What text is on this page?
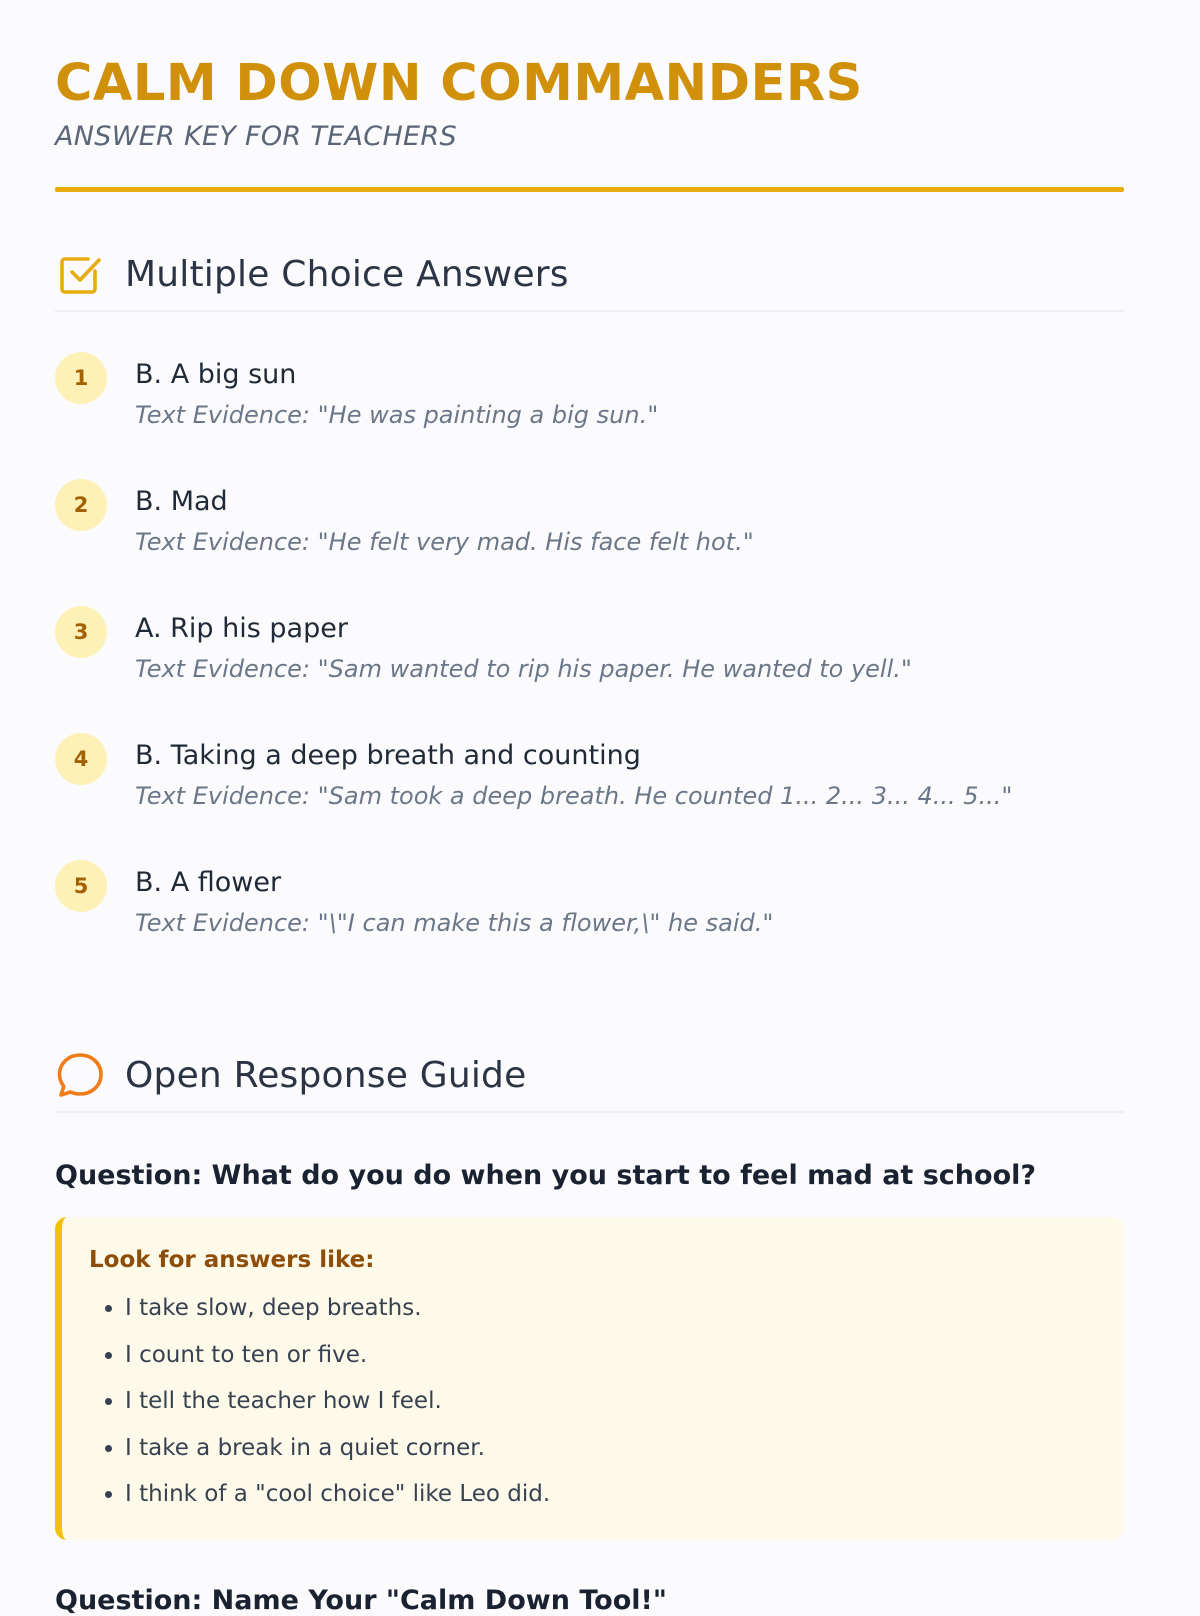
CALM DOWN COMMANDERS
ANSWER KEY FOR TEACHERS
Multiple Choice Answers
1	B. A big sun
Text Evidence: "He was painting a big sun."
2	B. Mad
Text Evidence: "He felt very mad. His face felt hot."
3	A. Rip his paper
Text Evidence: "Sam wanted to rip his paper. He wanted to yell."
4	B. Taking a deep breath and counting
Text Evidence: "Sam took a deep breath. He counted 1... 2... 3... 4... 5..."
5	B. A flower
Text Evidence: "\"I can make this a flower,\" he said."
Open Response Guide
Question: What do you do when you start to feel mad at school?
Look for answers like:
• I take slow, deep breaths.
• I count to ten or five.
• I tell the teacher how I feel.
• I take a break in a quiet corner.
• I think of a "cool choice" like Leo did.
Question: Name Your "Calm Down Tool!"
